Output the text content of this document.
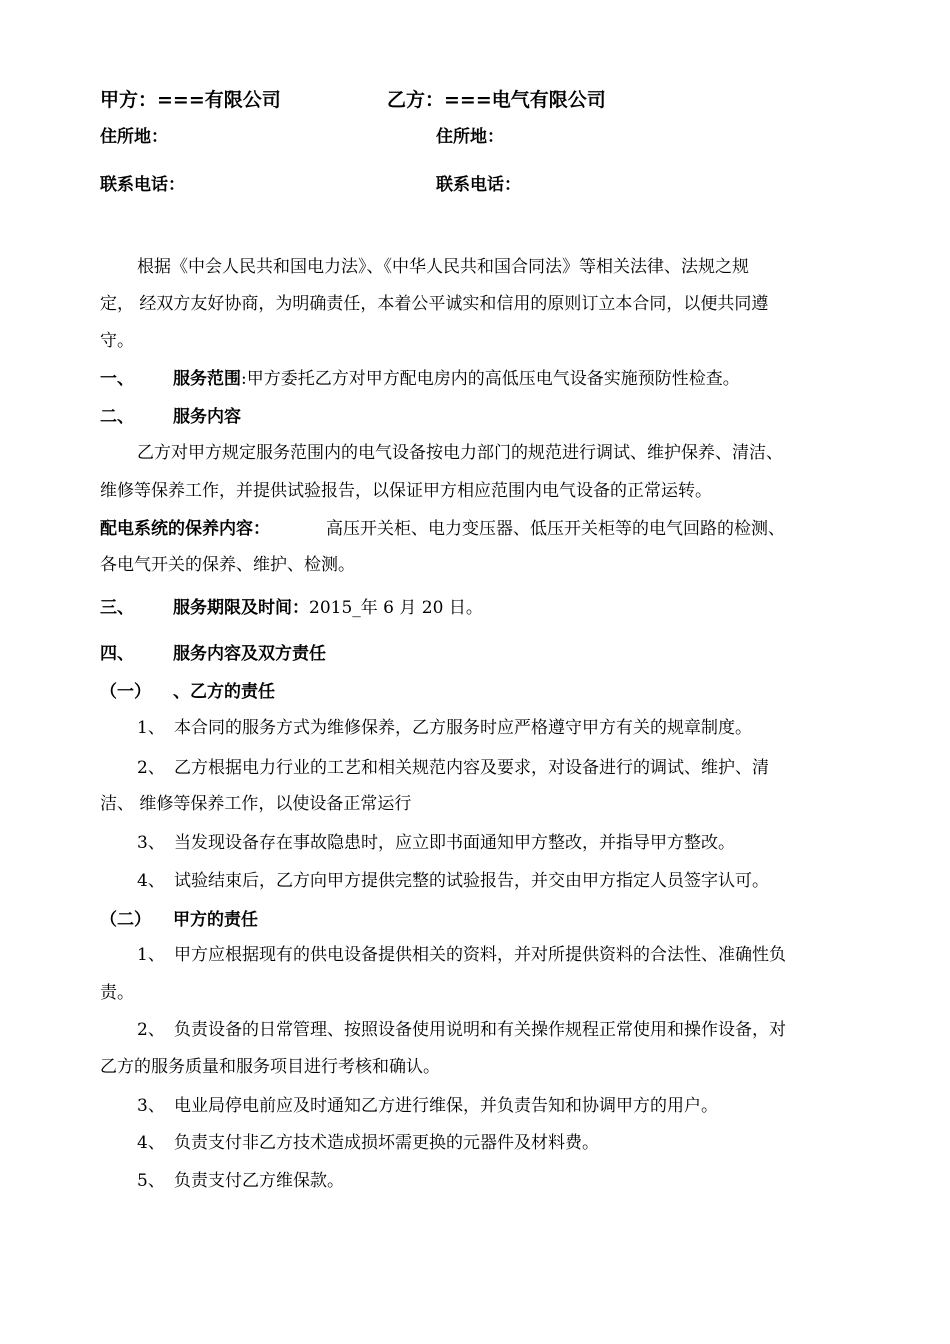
甲方：===有限公司	乙方：===电气有限公司
住所地：	住所地：
联系电话：	联系电话：
根据《中会人民共和国电力法》、《中华人民共和国合同法》等相关法律、法规之规
定， 经双方友好协商，为明确责任，本着公平诚实和信用的原则订立本合同，以便共同遵
守。
一、 服务范围:甲方委托乙方对甲方配电房内的高低压电气设备实施预防性检查。
二、 服务内容
乙方对甲方规定服务范围内的电气设备按电力部门的规范进行调试、维护保养、清洁、
维修等保养工作，并提供试验报告，以保证甲方相应范围内电气设备的正常运转。
配电系统的保养内容：	高压开关柜、电力变压器、低压开关柜等的电气回路的检测、
各电气开关的保养、维护、检测。
三、 服务期限及时间：2015_年 6 月 20 日。
四、 服务内容及双方责任
（一） 、乙方的责任
1、 本合同的服务方式为维修保养，乙方服务时应严格遵守甲方有关的规章制度。
2、 乙方根据电力行业的工艺和相关规范内容及要求，对设备进行的调试、维护、清
洁、 维修等保养工作，以使设备正常运行
3、 当发现设备存在事故隐患时，应立即书面通知甲方整改，并指导甲方整改。
4、 试验结束后，乙方向甲方提供完整的试验报告，并交由甲方指定人员签字认可。
（二） 甲方的责任
1、 甲方应根据现有的供电设备提供相关的资料，并对所提供资料的合法性、准确性负
责。
2、 负责设备的日常管理、按照设备使用说明和有关操作规程正常使用和操作设备，对
乙方的服务质量和服务项目进行考核和确认。
3、 电业局停电前应及时通知乙方进行维保，并负责告知和协调甲方的用户。
4、 负责支付非乙方技术造成损坏需更换的元器件及材料费。
5、 负责支付乙方维保款。
